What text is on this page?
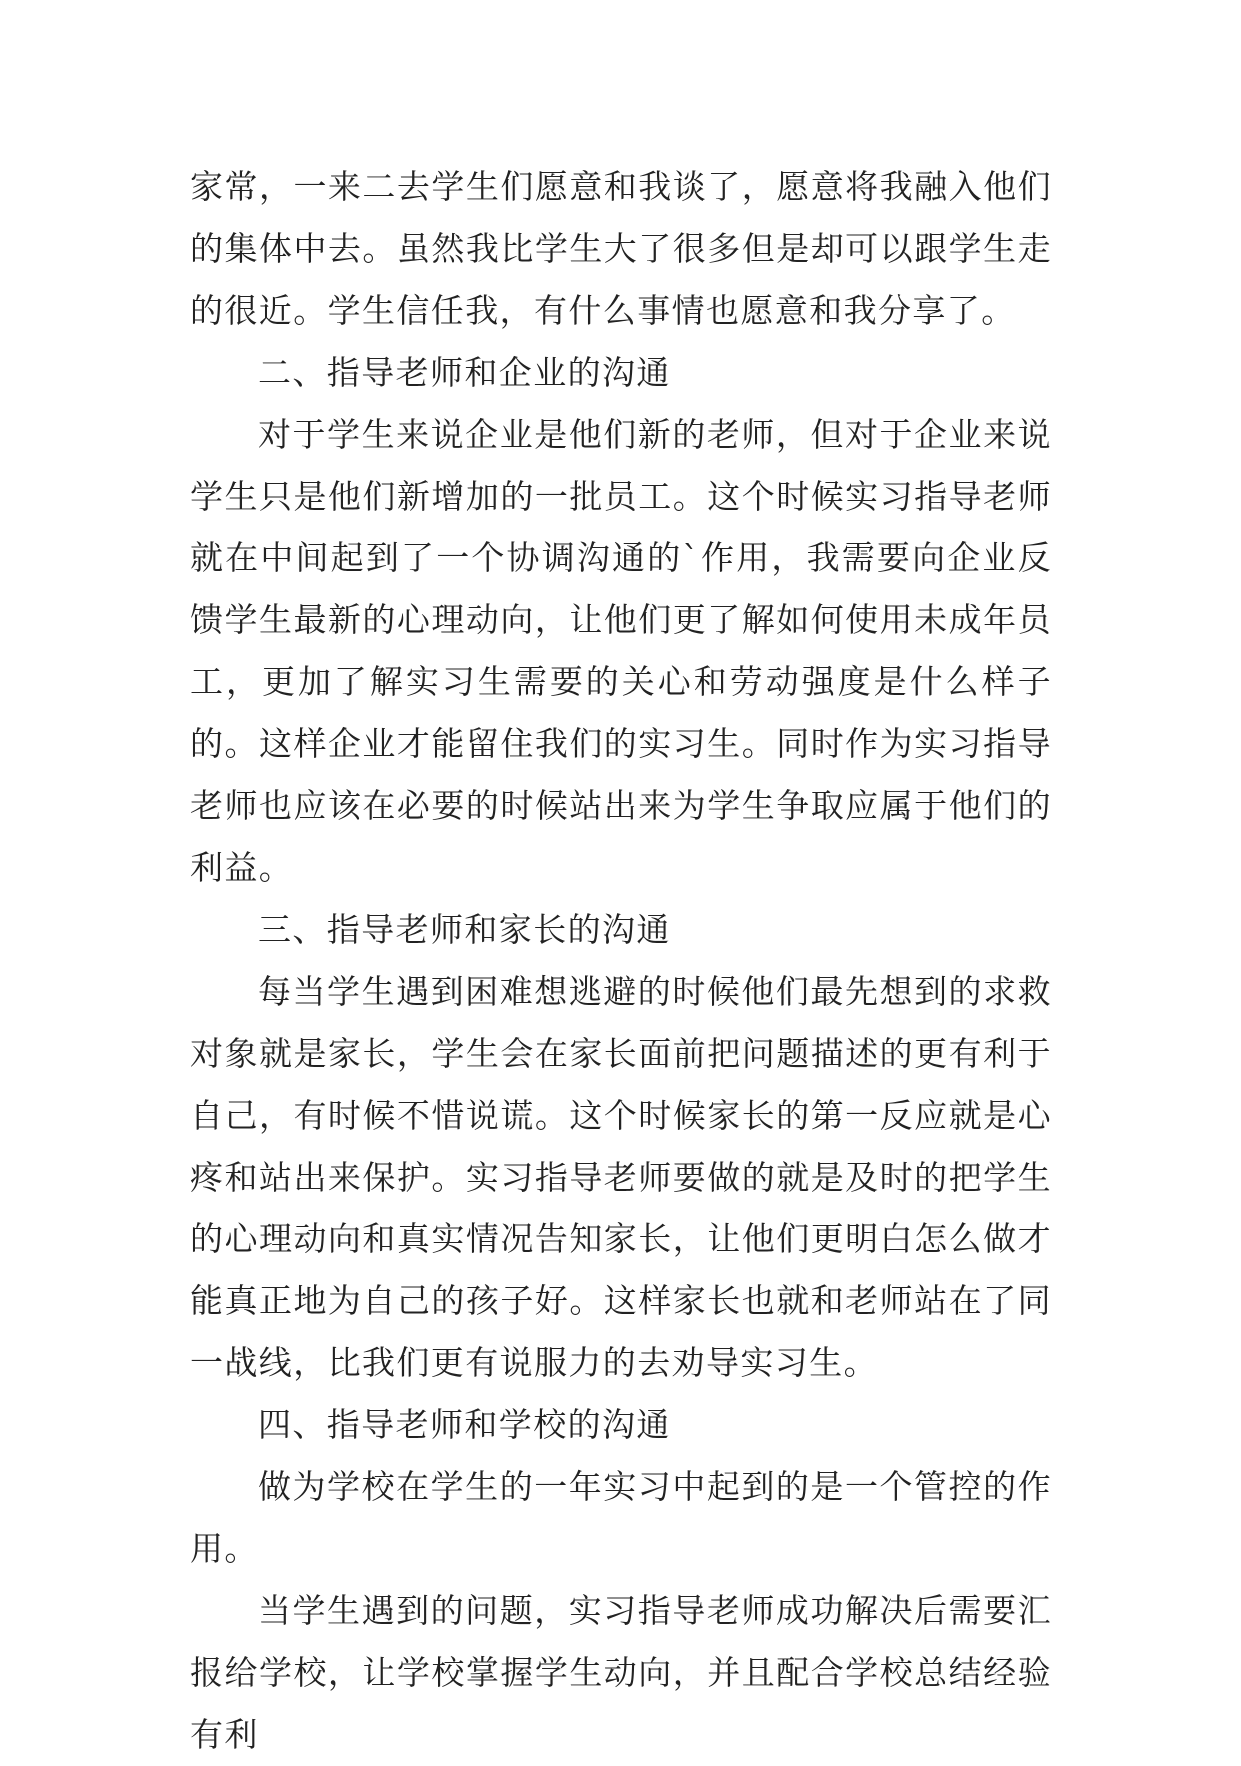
家常，一来二去学生们愿意和我谈了，愿意将我融入他们的集体中去。虽然我比学生大了很多但是却可以跟学生走的很近。学生信任我，有什么事情也愿意和我分享了。

二、指导老师和企业的沟通

对于学生来说企业是他们新的老师，但对于企业来说学生只是他们新增加的一批员工。这个时候实习指导老师就在中间起到了一个协调沟通的`作用，我需要向企业反馈学生最新的心理动向，让他们更了解如何使用未成年员工，更加了解实习生需要的关心和劳动强度是什么样子的。这样企业才能留住我们的实习生。同时作为实习指导老师也应该在必要的时候站出来为学生争取应属于他们的利益。

三、指导老师和家长的沟通

每当学生遇到困难想逃避的时候他们最先想到的求救对象就是家长，学生会在家长面前把问题描述的更有利于自己，有时候不惜说谎。这个时候家长的第一反应就是心疼和站出来保护。实习指导老师要做的就是及时的把学生的心理动向和真实情况告知家长，让他们更明白怎么做才能真正地为自己的孩子好。这样家长也就和老师站在了同一战线，比我们更有说服力的去劝导实习生。

四、指导老师和学校的沟通

做为学校在学生的一年实习中起到的是一个管控的作用。

当学生遇到的问题，实习指导老师成功解决后需要汇报给学校，让学校掌握学生动向，并且配合学校总结经验有利
